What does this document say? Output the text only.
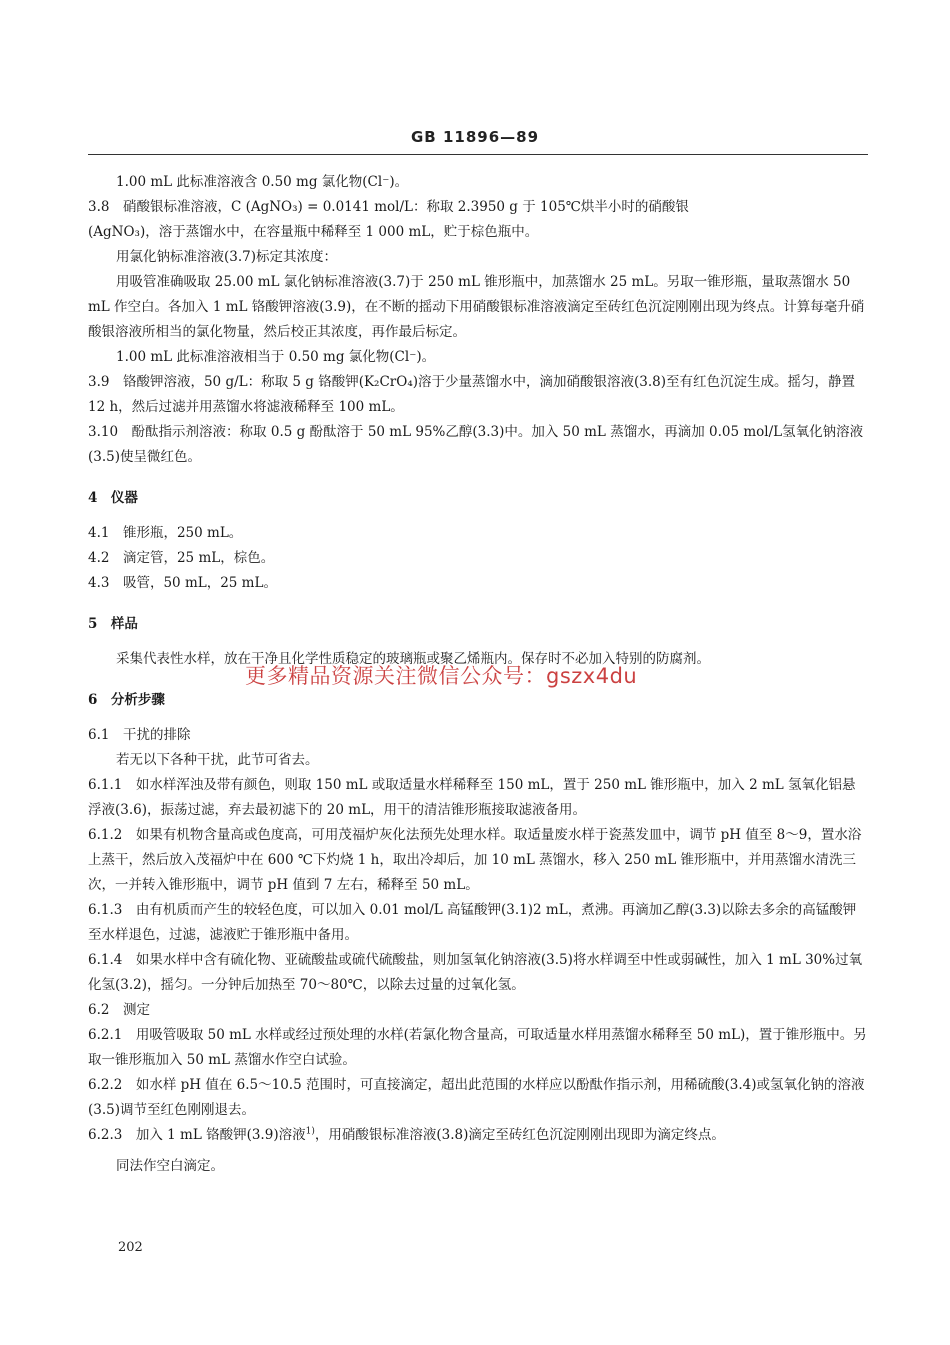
GB 11896—89

1.00 mL 此标准溶液含 0.50 mg 氯化物(Cl⁻)。

3.8　硝酸银标准溶液，C (AgNO₃) = 0.0141 mol/L：称取 2.3950 g 于 105℃烘半小时的硝酸银

(AgNO₃)，溶于蒸馏水中，在容量瓶中稀释至 1 000 mL，贮于棕色瓶中。

用氯化钠标准溶液(3.7)标定其浓度：

用吸管准确吸取 25.00 mL 氯化钠标准溶液(3.7)于 250 mL 锥形瓶中，加蒸馏水 25 mL。另取一锥形瓶，量取蒸馏水 50 mL 作空白。各加入 1 mL 铬酸钾溶液(3.9)，在不断的摇动下用硝酸银标准溶液滴定至砖红色沉淀刚刚出现为终点。计算每毫升硝酸银溶液所相当的氯化物量，然后校正其浓度，再作最后标定。

1.00 mL 此标准溶液相当于 0.50 mg 氯化物(Cl⁻)。

3.9　铬酸钾溶液，50 g/L：称取 5 g 铬酸钾(K₂CrO₄)溶于少量蒸馏水中，滴加硝酸银溶液(3.8)至有红色沉淀生成。摇匀，静置 12 h，然后过滤并用蒸馏水将滤液稀释至 100 mL。

3.10　酚酞指示剂溶液：称取 0.5 g 酚酞溶于 50 mL 95%乙醇(3.3)中。加入 50 mL 蒸馏水，再滴加 0.05 mol/L氢氧化钠溶液(3.5)使呈微红色。

4　仪器

4.1　锥形瓶，250 mL。

4.2　滴定管，25 mL，棕色。

4.3　吸管，50 mL，25 mL。

5　样品

采集代表性水样，放在干净且化学性质稳定的玻璃瓶或聚乙烯瓶内。保存时不必加入特别的防腐剂。

6　分析步骤

6.1　干扰的排除

若无以下各种干扰，此节可省去。

6.1.1　如水样浑浊及带有颜色，则取 150 mL 或取适量水样稀释至 150 mL，置于 250 mL 锥形瓶中，加入 2 mL 氢氧化铝悬浮液(3.6)，振荡过滤，弃去最初滤下的 20 mL，用干的清洁锥形瓶接取滤液备用。

6.1.2　如果有机物含量高或色度高，可用茂福炉灰化法预先处理水样。取适量废水样于瓷蒸发皿中，调节 pH 值至 8～9，置水浴上蒸干，然后放入茂福炉中在 600 ℃下灼烧 1 h，取出冷却后，加 10 mL 蒸馏水，移入 250 mL 锥形瓶中，并用蒸馏水清洗三次，一并转入锥形瓶中，调节 pH 值到 7 左右，稀释至 50 mL。

6.1.3　由有机质而产生的较轻色度，可以加入 0.01 mol/L 高锰酸钾(3.1)2 mL，煮沸。再滴加乙醇(3.3)以除去多余的高锰酸钾至水样退色，过滤，滤液贮于锥形瓶中备用。

6.1.4　如果水样中含有硫化物、亚硫酸盐或硫代硫酸盐，则加氢氧化钠溶液(3.5)将水样调至中性或弱碱性，加入 1 mL 30%过氧化氢(3.2)，摇匀。一分钟后加热至 70～80℃，以除去过量的过氧化氢。

6.2　测定

6.2.1　用吸管吸取 50 mL 水样或经过预处理的水样(若氯化物含量高，可取适量水样用蒸馏水稀释至 50 mL)，置于锥形瓶中。另取一锥形瓶加入 50 mL 蒸馏水作空白试验。

6.2.2　如水样 pH 值在 6.5～10.5 范围时，可直接滴定，超出此范围的水样应以酚酞作指示剂，用稀硫酸(3.4)或氢氧化钠的溶液(3.5)调节至红色刚刚退去。

6.2.3　加入 1 mL 铬酸钾(3.9)溶液$^{1)}$，用硝酸银标准溶液(3.8)滴定至砖红色沉淀刚刚出现即为滴定终点。

同法作空白滴定。

更多精品资源关注微信公众号：gszx4du
202
